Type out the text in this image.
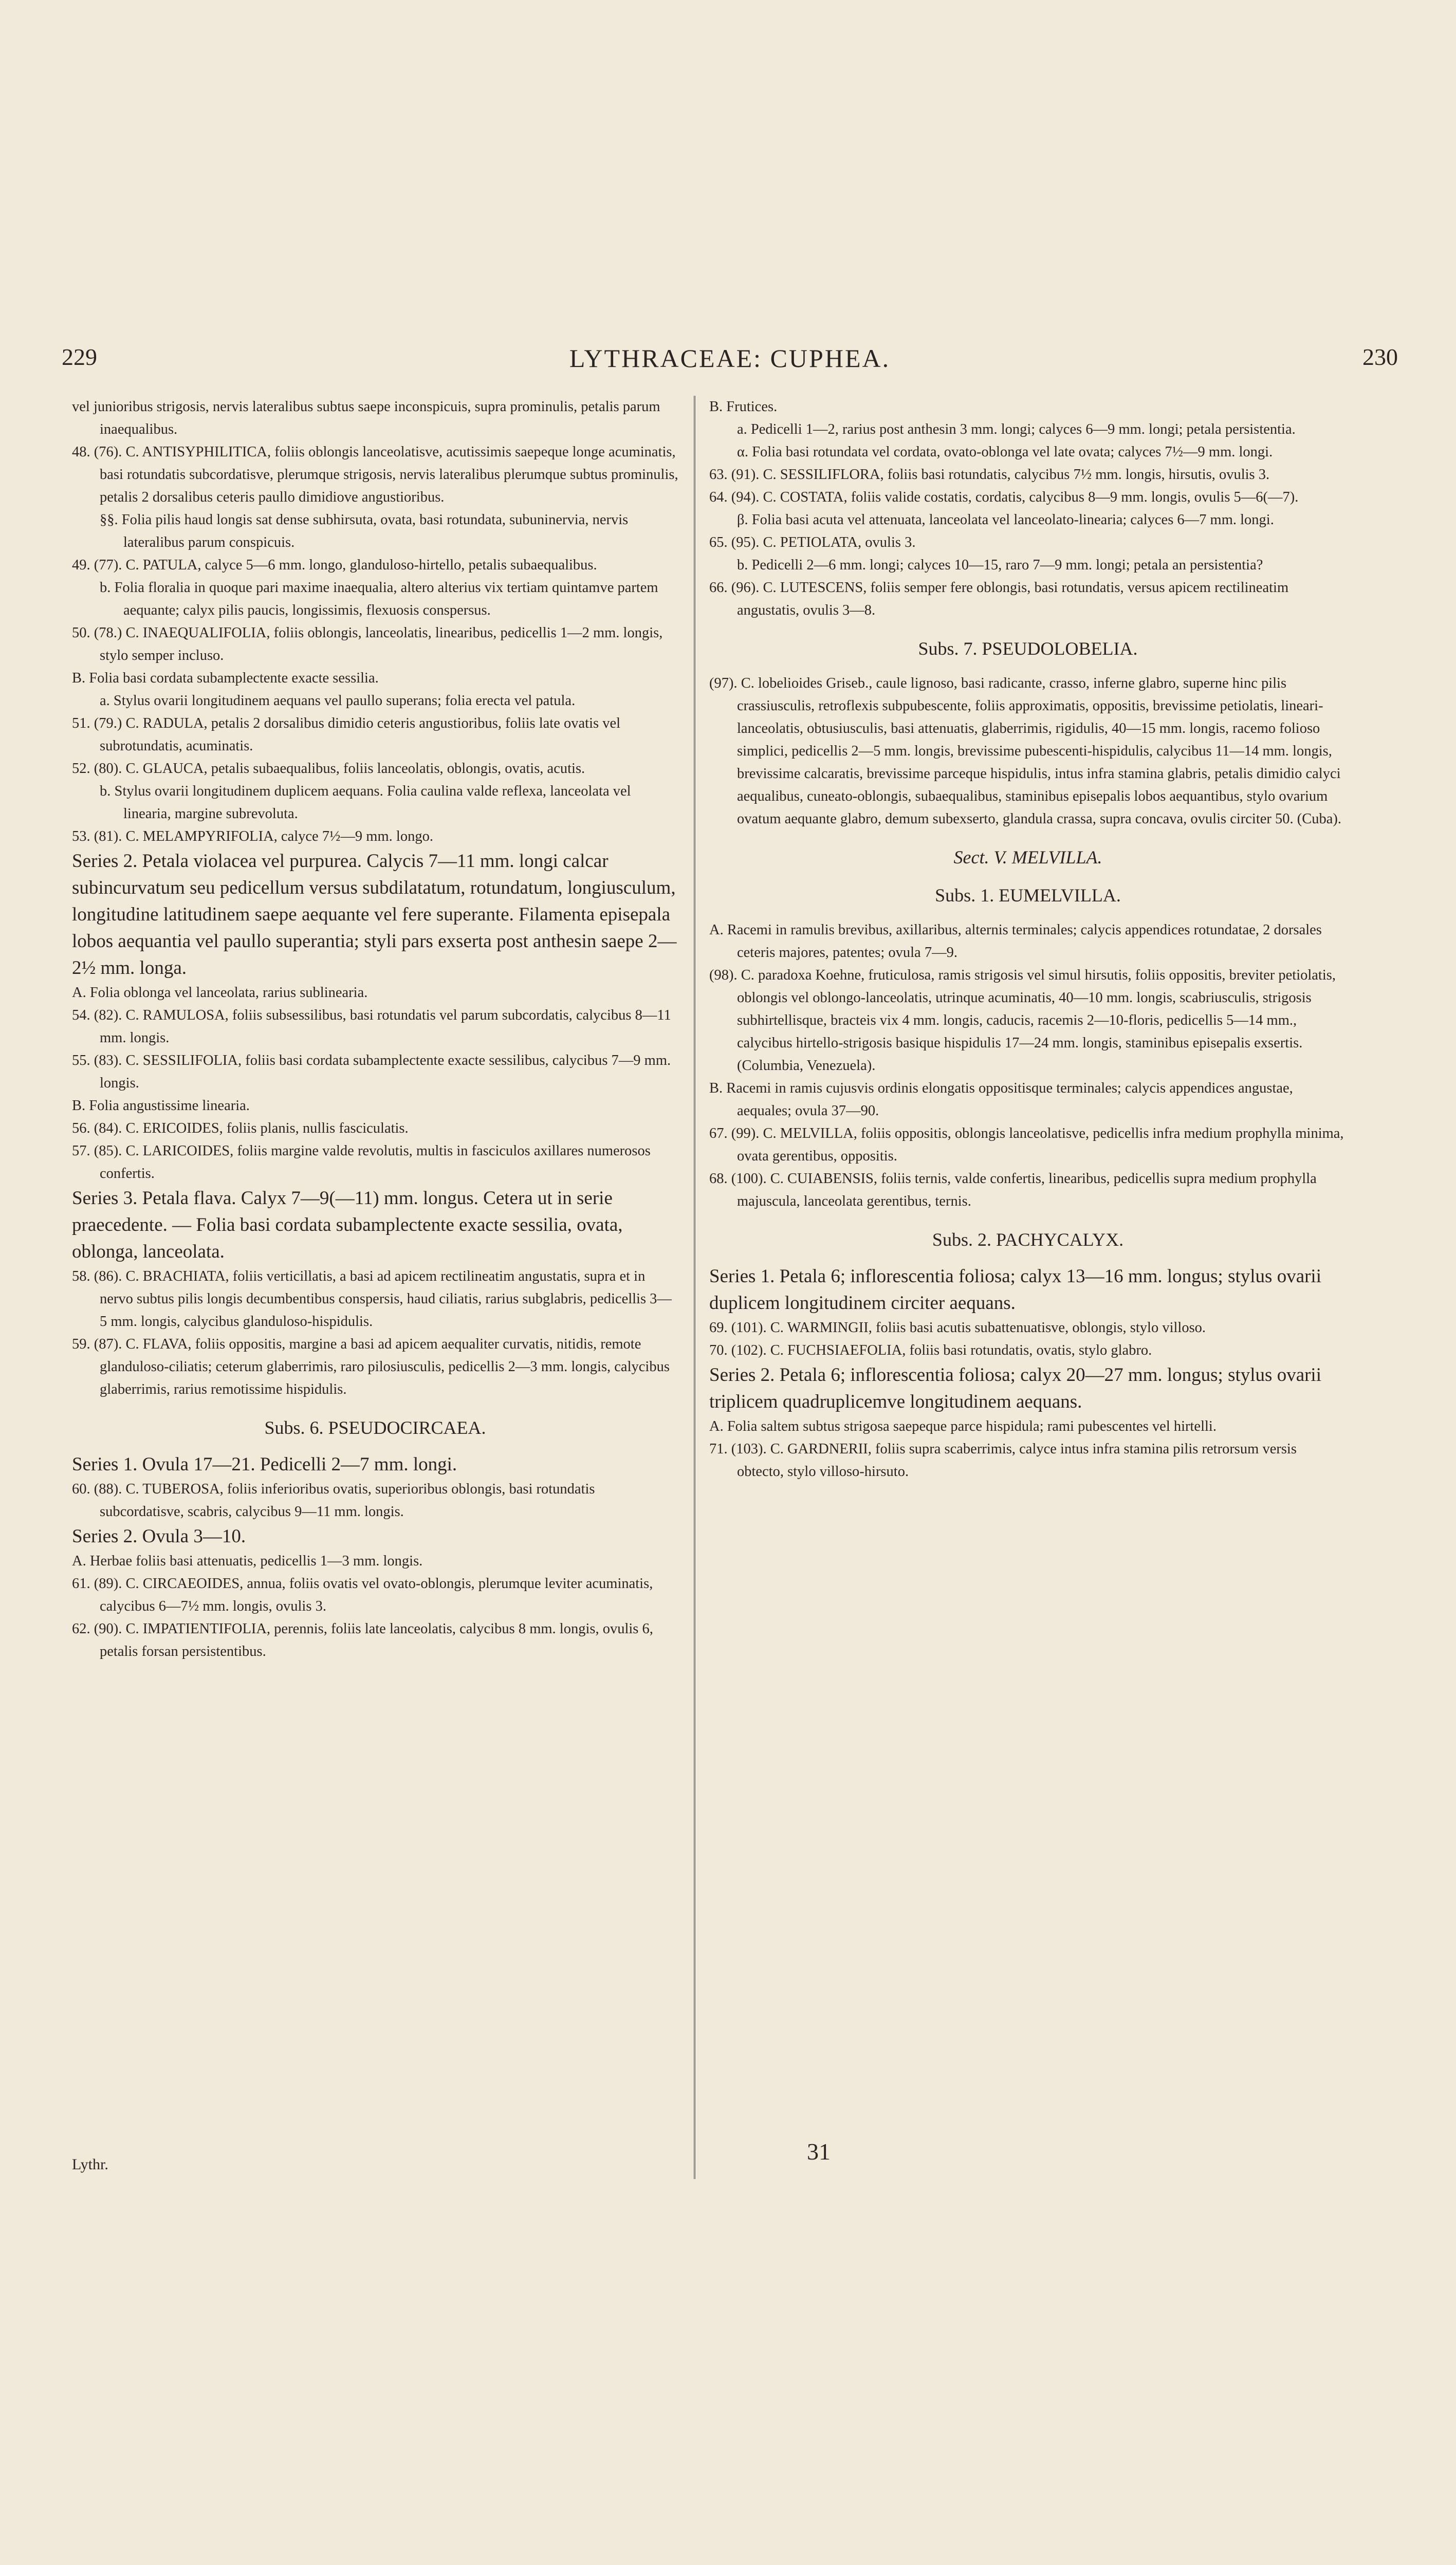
229	LYTHRACEAE: CUPHEA.	230

vel junioribus strigosis, nervis lateralibus subtus saepe inconspicuis, supra prominulis, petalis parum inaequalibus.

48. (76). C. ANTISYPHILITICA, foliis oblongis lanceolatisve, acutissimis saepeque longe acuminatis, basi rotundatis subcordatisve, plerumque strigosis, nervis lateralibus plerumque subtus prominulis, petalis 2 dorsalibus ceteris paullo dimidiove angustioribus.

§§. Folia pilis haud longis sat dense subhirsuta, ovata, basi rotundata, subuninervia, nervis lateralibus parum conspicuis.

49. (77). C. PATULA, calyce 5—6 mm. longo, glanduloso-hirtello, petalis subaequalibus.

b. Folia floralia in quoque pari maxime inaequalia, altero alterius vix tertiam quintamve partem aequante; calyx pilis paucis, longissimis, flexuosis conspersus.

50. (78.) C. INAEQUALIFOLIA, foliis oblongis, lanceolatis, linearibus, pedicellis 1—2 mm. longis, stylo semper incluso.

B. Folia basi cordata subamplectente exacte sessilia.

a. Stylus ovarii longitudinem aequans vel paullo superans; folia erecta vel patula.

51. (79.) C. RADULA, petalis 2 dorsalibus dimidio ceteris angustioribus, foliis late ovatis vel subrotundatis, acuminatis.

52. (80). C. GLAUCA, petalis subaequalibus, foliis lanceolatis, oblongis, ovatis, acutis.

b. Stylus ovarii longitudinem duplicem aequans. Folia caulina valde reflexa, lanceolata vel linearia, margine subrevoluta.

53. (81). C. MELAMPYRIFOLIA, calyce 7½—9 mm. longo.

Series 2. Petala violacea vel purpurea. Calycis 7—11 mm. longi calcar subincurvatum seu pedicellum versus subdilatatum, rotundatum, longiusculum, longitudine latitudinem saepe aequante vel fere superante. Filamenta episepala lobos aequantia vel paullo superantia; styli pars exserta post anthesin saepe 2—2½ mm. longa.

A. Folia oblonga vel lanceolata, rarius sublinearia.

54. (82). C. RAMULOSA, foliis subsessilibus, basi rotundatis vel parum subcordatis, calycibus 8—11 mm. longis.

55. (83). C. SESSILIFOLIA, foliis basi cordata subamplectente exacte sessilibus, calycibus 7—9 mm. longis.

B. Folia angustissime linearia.

56. (84). C. ERICOIDES, foliis planis, nullis fasciculatis.

57. (85). C. LARICOIDES, foliis margine valde revolutis, multis in fasciculos axillares numerosos confertis.

Series 3. Petala flava. Calyx 7—9(—11) mm. longus. Cetera ut in serie praecedente. — Folia basi cordata subamplectente exacte sessilia, ovata, oblonga, lanceolata.

58. (86). C. BRACHIATA, foliis verticillatis, a basi ad apicem rectilineatim angustatis, supra et in nervo subtus pilis longis decumbentibus conspersis, haud ciliatis, rarius subglabris, pedicellis 3—5 mm. longis, calycibus glanduloso-hispidulis.

59. (87). C. FLAVA, foliis oppositis, margine a basi ad apicem aequaliter curvatis, nitidis, remote glanduloso-ciliatis; ceterum glaberrimis, raro pilosiusculis, pedicellis 2—3 mm. longis, calycibus glaberrimis, rarius remotissime hispidulis.

Subs. 6. PSEUDOCIRCAEA.

Series 1. Ovula 17—21. Pedicelli 2—7 mm. longi.

60. (88). C. TUBEROSA, foliis inferioribus ovatis, superioribus oblongis, basi rotundatis subcordatisve, scabris, calycibus 9—11 mm. longis.

Series 2. Ovula 3—10.

A. Herbae foliis basi attenuatis, pedicellis 1—3 mm. longis.

61. (89). C. CIRCAEOIDES, annua, foliis ovatis vel ovato-oblongis, plerumque leviter acuminatis, calycibus 6—7½ mm. longis, ovulis 3.

62. (90). C. IMPATIENTIFOLIA, perennis, foliis late lanceolatis, calycibus 8 mm. longis, ovulis 6, petalis forsan persistentibus.

B. Frutices.

a. Pedicelli 1—2, rarius post anthesin 3 mm. longi; calyces 6—9 mm. longi; petala persistentia.

α. Folia basi rotundata vel cordata, ovato-oblonga vel late ovata; calyces 7½—9 mm. longi.

63. (91). C. SESSILIFLORA, foliis basi rotundatis, calycibus 7½ mm. longis, hirsutis, ovulis 3.

64. (94). C. COSTATA, foliis valide costatis, cordatis, calycibus 8—9 mm. longis, ovulis 5—6(—7).

β. Folia basi acuta vel attenuata, lanceolata vel lanceolato-linearia; calyces 6—7 mm. longi.

65. (95). C. PETIOLATA, ovulis 3.

b. Pedicelli 2—6 mm. longi; calyces 10—15, raro 7—9 mm. longi; petala an persistentia?

66. (96). C. LUTESCENS, foliis semper fere oblongis, basi rotundatis, versus apicem rectilineatim angustatis, ovulis 3—8.

Subs. 7. PSEUDOLOBELIA.

(97). C. lobelioides Griseb., caule lignoso, basi radicante, crasso, inferne glabro, superne hinc pilis crassiusculis, retroflexis subpubescente, foliis approximatis, oppositis, brevissime petiolatis, lineari-lanceolatis, obtusiusculis, basi attenuatis, glaberrimis, rigidulis, 40—15 mm. longis, racemo folioso simplici, pedicellis 2—5 mm. longis, brevissime pubescenti-hispidulis, calycibus 11—14 mm. longis, brevissime calcaratis, brevissime parceque hispidulis, intus infra stamina glabris, petalis dimidio calyci aequalibus, cuneato-oblongis, subaequalibus, staminibus episepalis lobos aequantibus, stylo ovarium ovatum aequante glabro, demum subexserto, glandula crassa, supra concava, ovulis circiter 50. (Cuba).

Sect. V. MELVILLA.

Subs. 1. EUMELVILLA.

A. Racemi in ramulis brevibus, axillaribus, alternis terminales; calycis appendices rotundatae, 2 dorsales ceteris majores, patentes; ovula 7—9.

(98). C. paradoxa Koehne, fruticulosa, ramis strigosis vel simul hirsutis, foliis oppositis, breviter petiolatis, oblongis vel oblongo-lanceolatis, utrinque acuminatis, 40—10 mm. longis, scabriusculis, strigosis subhirtellisque, bracteis vix 4 mm. longis, caducis, racemis 2—10-floris, pedicellis 5—14 mm., calycibus hirtello-strigosis basique hispidulis 17—24 mm. longis, staminibus episepalis exsertis. (Columbia, Venezuela).

B. Racemi in ramis cujusvis ordinis elongatis oppositisque terminales; calycis appendices angustae, aequales; ovula 37—90.

67. (99). C. MELVILLA, foliis oppositis, oblongis lanceolatisve, pedicellis infra medium prophylla minima, ovata gerentibus, oppositis.

68. (100). C. CUIABENSIS, foliis ternis, valde confertis, linearibus, pedicellis supra medium prophylla majuscula, lanceolata gerentibus, ternis.

Subs. 2. PACHYCALYX.

Series 1. Petala 6; inflorescentia foliosa; calyx 13—16 mm. longus; stylus ovarii duplicem longitudinem circiter aequans.

69. (101). C. WARMINGII, foliis basi acutis subattenuatisve, oblongis, stylo villoso.

70. (102). C. FUCHSIAEFOLIA, foliis basi rotundatis, ovatis, stylo glabro.

Series 2. Petala 6; inflorescentia foliosa; calyx 20—27 mm. longus; stylus ovarii triplicem quadruplicemve longitudinem aequans.

A. Folia saltem subtus strigosa saepeque parce hispidula; rami pubescentes vel hirtelli.

71. (103). C. GARDNERII, foliis supra scaberrimis, calyce intus infra stamina pilis retrorsum versis obtecto, stylo villoso-hirsuto.

Lythr.	31
